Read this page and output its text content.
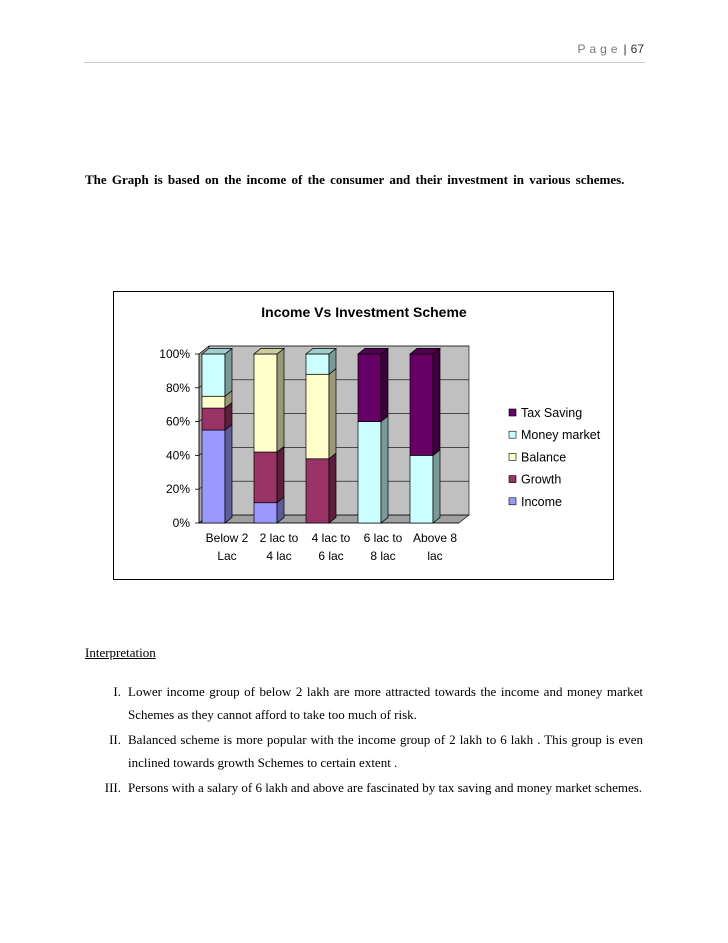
Page | 67

The Graph is based on the income of the consumer and their investment in various schemes.

Income Vs Investment Scheme
0%
20%
40%
60%
80%
100%
Below 2
Lac
2 lac to
4 lac
4 lac to
6 lac
6 lac to
8 lac
Above 8
lac
Tax Saving
Money market
Balance
Growth
Income
Interpretation
I. Lower income group of below 2 lakh are more attracted towards the income and money market Schemes as they cannot afford to take too much of risk.
II. Balanced scheme is more popular with the income group of 2 lakh to 6 lakh . This group is even inclined towards growth Schemes to certain extent .
III. Persons with a salary of 6 lakh and above are fascinated by tax saving and money market schemes.
